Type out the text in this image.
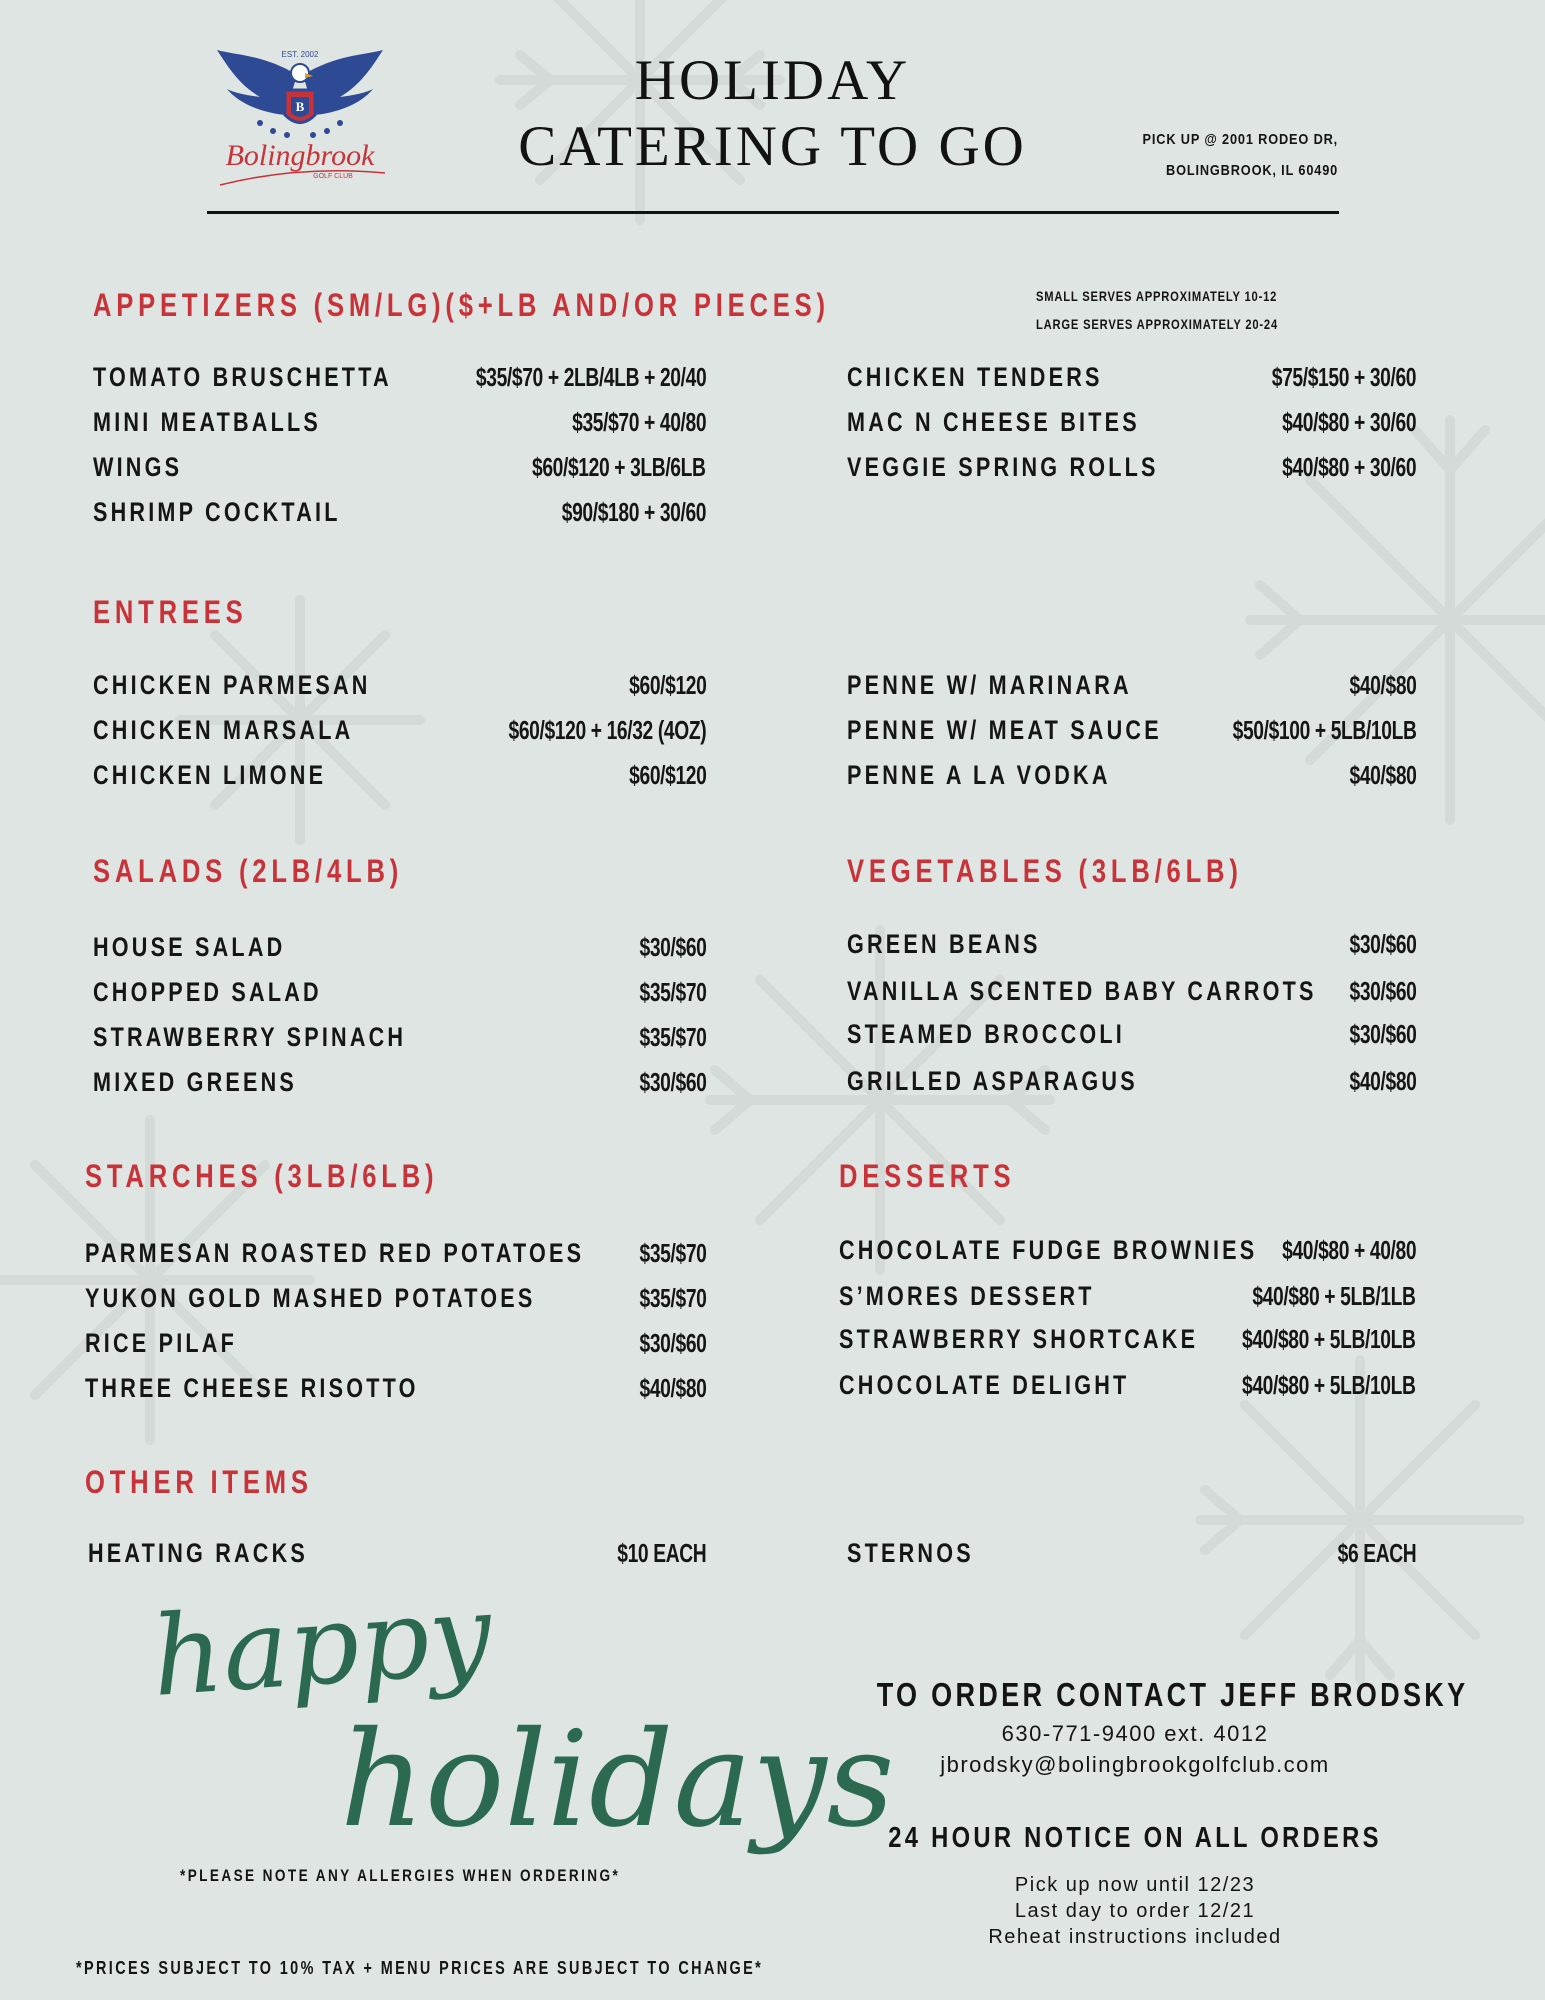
EST. 2002
B
Bolingbrook
GOLF CLUB
HOLIDAY
CATERING TO GO	PICK UP @ 2001 RODEO DR,
BOLINGBROOK, IL 60490
APPETIZERS (SM/LG)($+LB AND/OR PIECES)	SMALL SERVES APPROXIMATELY 10-12
LARGE SERVES APPROXIMATELY 20-24
TOMATO BRUSCHETTA	$35/$70 + 2LB/4LB + 20/40
MINI MEATBALLS	$35/$70 + 40/80
WINGS	$60/$120 + 3LB/6LB
SHRIMP COCKTAIL	$90/$180 + 30/60
CHICKEN TENDERS	$75/$150 + 30/60
MAC N CHEESE BITES	$40/$80 + 30/60
VEGGIE SPRING ROLLS	$40/$80 + 30/60
ENTREES
CHICKEN PARMESAN	$60/$120
CHICKEN MARSALA	$60/$120 + 16/32 (4OZ)
CHICKEN LIMONE	$60/$120
PENNE W/ MARINARA	$40/$80
PENNE W/ MEAT SAUCE	$50/$100 + 5LB/10LB
PENNE A LA VODKA	$40/$80
SALADS (2LB/4LB)
HOUSE SALAD	$30/$60
CHOPPED SALAD	$35/$70
STRAWBERRY SPINACH	$35/$70
MIXED GREENS	$30/$60
VEGETABLES (3LB/6LB)
GREEN BEANS	$30/$60
VANILLA SCENTED BABY CARROTS $30/$60
STEAMED BROCCOLI	$30/$60
GRILLED ASPARAGUS	$40/$80
STARCHES (3LB/6LB)
PARMESAN ROASTED RED POTATOES $35/$70
YUKON GOLD MASHED POTATOES	$35/$70
RICE PILAF	$30/$60
THREE CHEESE RISOTTO	$40/$80
DESSERTS
CHOCOLATE FUDGE BROWNIES $40/$80 + 40/80
S’MORES DESSERT	$40/$80 + 5LB/1LB
STRAWBERRY SHORTCAKE $40/$80 + 5LB/10LB
CHOCOLATE DELIGHT	$40/$80 + 5LB/10LB
OTHER ITEMS
HEATING RACKS	$10 EACH	STERNOS	$6 EACH
happy
holidays
*PLEASE NOTE ANY ALLERGIES WHEN ORDERING*
*PRICES SUBJECT TO 10% TAX + MENU PRICES ARE SUBJECT TO CHANGE*
TO ORDER CONTACT JEFF BRODSKY
630-771-9400 ext. 4012
jbrodsky@bolingbrookgolfclub.com
24 HOUR NOTICE ON ALL ORDERS
Pick up now until 12/23
Last day to order 12/21
Reheat instructions included
